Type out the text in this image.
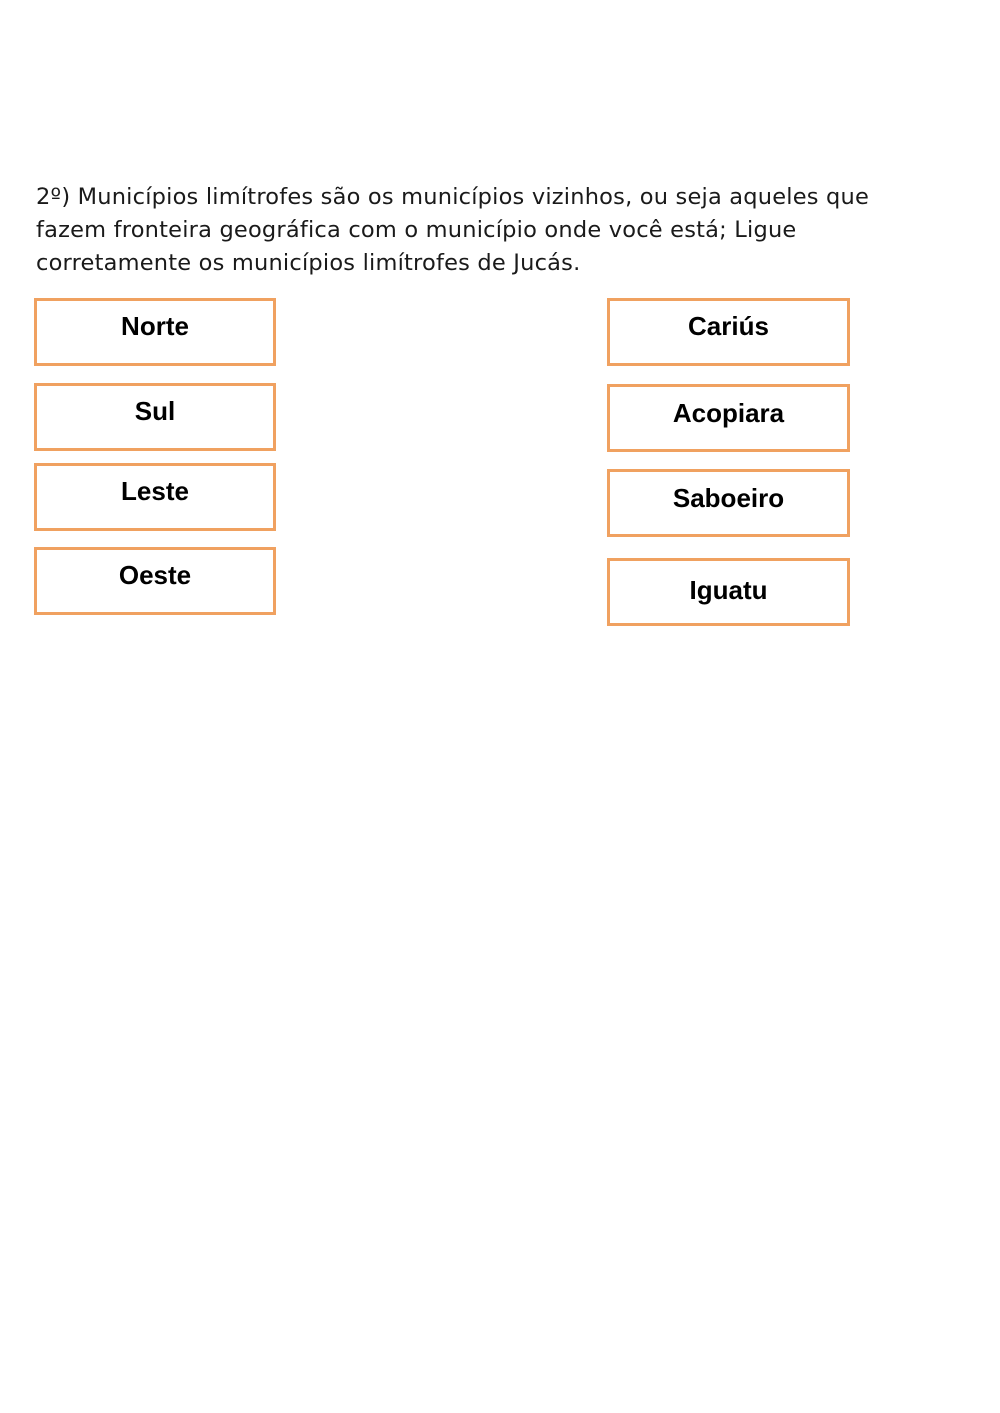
2º) Municípios limítrofes são os municípios vizinhos, ou seja aqueles que
fazem fronteira geográfica com o município onde você está; Ligue
corretamente os municípios limítrofes de Jucás.

Norte
Sul
Leste
Oeste
Cariús
Acopiara
Saboeiro
Iguatu
